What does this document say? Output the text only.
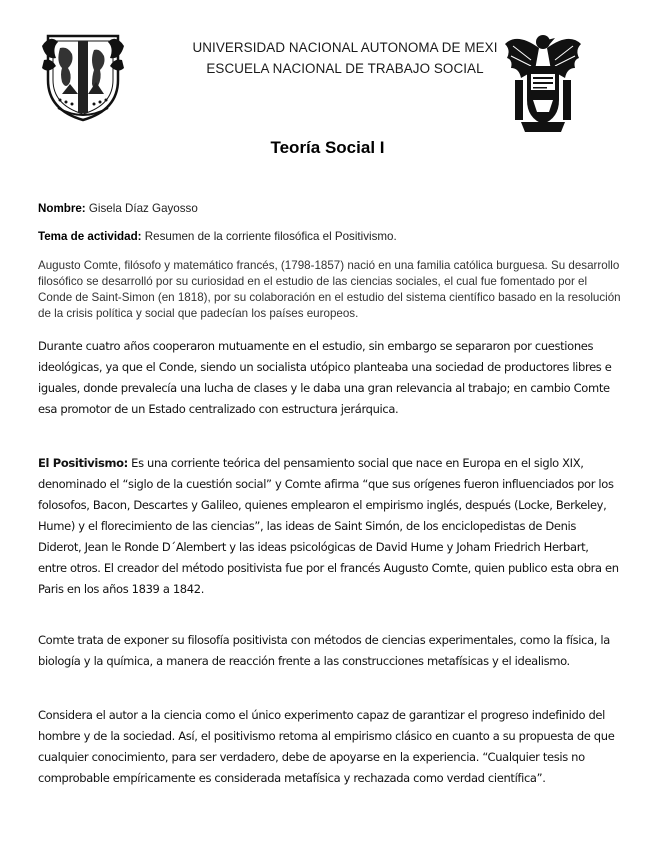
UNIVERSIDAD NACIONAL AUTONOMA DE MEXI
ESCUELA NACIONAL DE TRABAJO SOCIAL
Teoría Social I
Nombre: Gisela Díaz Gayosso
Tema de actividad: Resumen de la corriente filosófica el Positivismo.

Augusto Comte, filósofo y matemático francés, (1798-1857) nació en una familia católica burguesa. Su desarrollo filosófico se desarrolló por su curiosidad en el estudio de las ciencias sociales, el cual fue fomentado por el Conde de Saint-Simon (en 1818), por su colaboración en el estudio del sistema científico basado en la resolución de la crisis política y social que padecían los países europeos.

Durante cuatro años cooperaron mutuamente en el estudio, sin embargo se separaron por cuestiones ideológicas, ya que el Conde, siendo un socialista utópico planteaba una sociedad de productores libres e iguales, donde prevalecía una lucha de clases y le daba una gran relevancia al trabajo; en cambio Comte esa promotor de un Estado centralizado con estructura jerárquica.

El Positivismo: Es una corriente teórica del pensamiento social que nace en Europa en el siglo XIX, denominado el “siglo de la cuestión social” y Comte afirma “que sus orígenes fueron influenciados por los folosofos, Bacon, Descartes y Galileo, quienes emplearon el empirismo inglés, después (Locke, Berkeley, Hume) y el florecimiento de las ciencias”, las ideas de Saint Simón, de los enciclopedistas de Denis Diderot, Jean le Ronde D´Alembert y las ideas psicológicas de David Hume y Joham Friedrich Herbart, entre otros. El creador del método positivista fue por el francés Augusto Comte, quien publico esta obra en Paris en los años 1839 a 1842.

Comte trata de exponer su filosofía positivista con métodos de ciencias experimentales, como la física, la biología y la química, a manera de reacción frente a las construcciones metafísicas y el idealismo.

Considera el autor a la ciencia como el único experimento capaz de garantizar el progreso indefinido del hombre y de la sociedad. Así, el positivismo retoma al empirismo clásico en cuanto a su propuesta de que cualquier conocimiento, para ser verdadero, debe de apoyarse en la experiencia. “Cualquier tesis no comprobable empíricamente es considerada metafísica y rechazada como verdad científica”.
